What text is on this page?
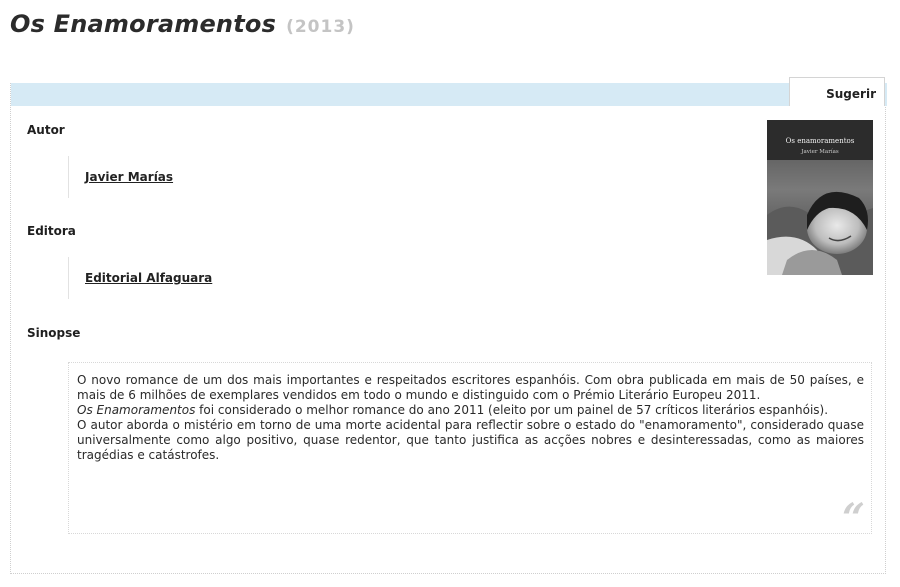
Os Enamoramentos (2013)
Sugerir
Autor
Javier Marías
Editora
Editorial Alfaguara
Os enamoramentos
Javier Marías
Sinopse

O novo romance de um dos mais importantes e respeitados escritores espanhóis. Com obra publicada em mais de 50 países, e mais de 6 milhões de exemplares vendidos em todo o mundo e distinguido com o Prémio Literário Europeu 2011.
Os Enamoramentos foi considerado o melhor romance do ano 2011 (eleito por um painel de 57 críticos literários espanhóis).
O autor aborda o mistério em torno de uma morte acidental para reflectir sobre o estado do "enamoramento", considerado quase universalmente como algo positivo, quase redentor, que tanto justifica as acções nobres e desinteressadas, como as maiores tragédias e catástrofes.

“
